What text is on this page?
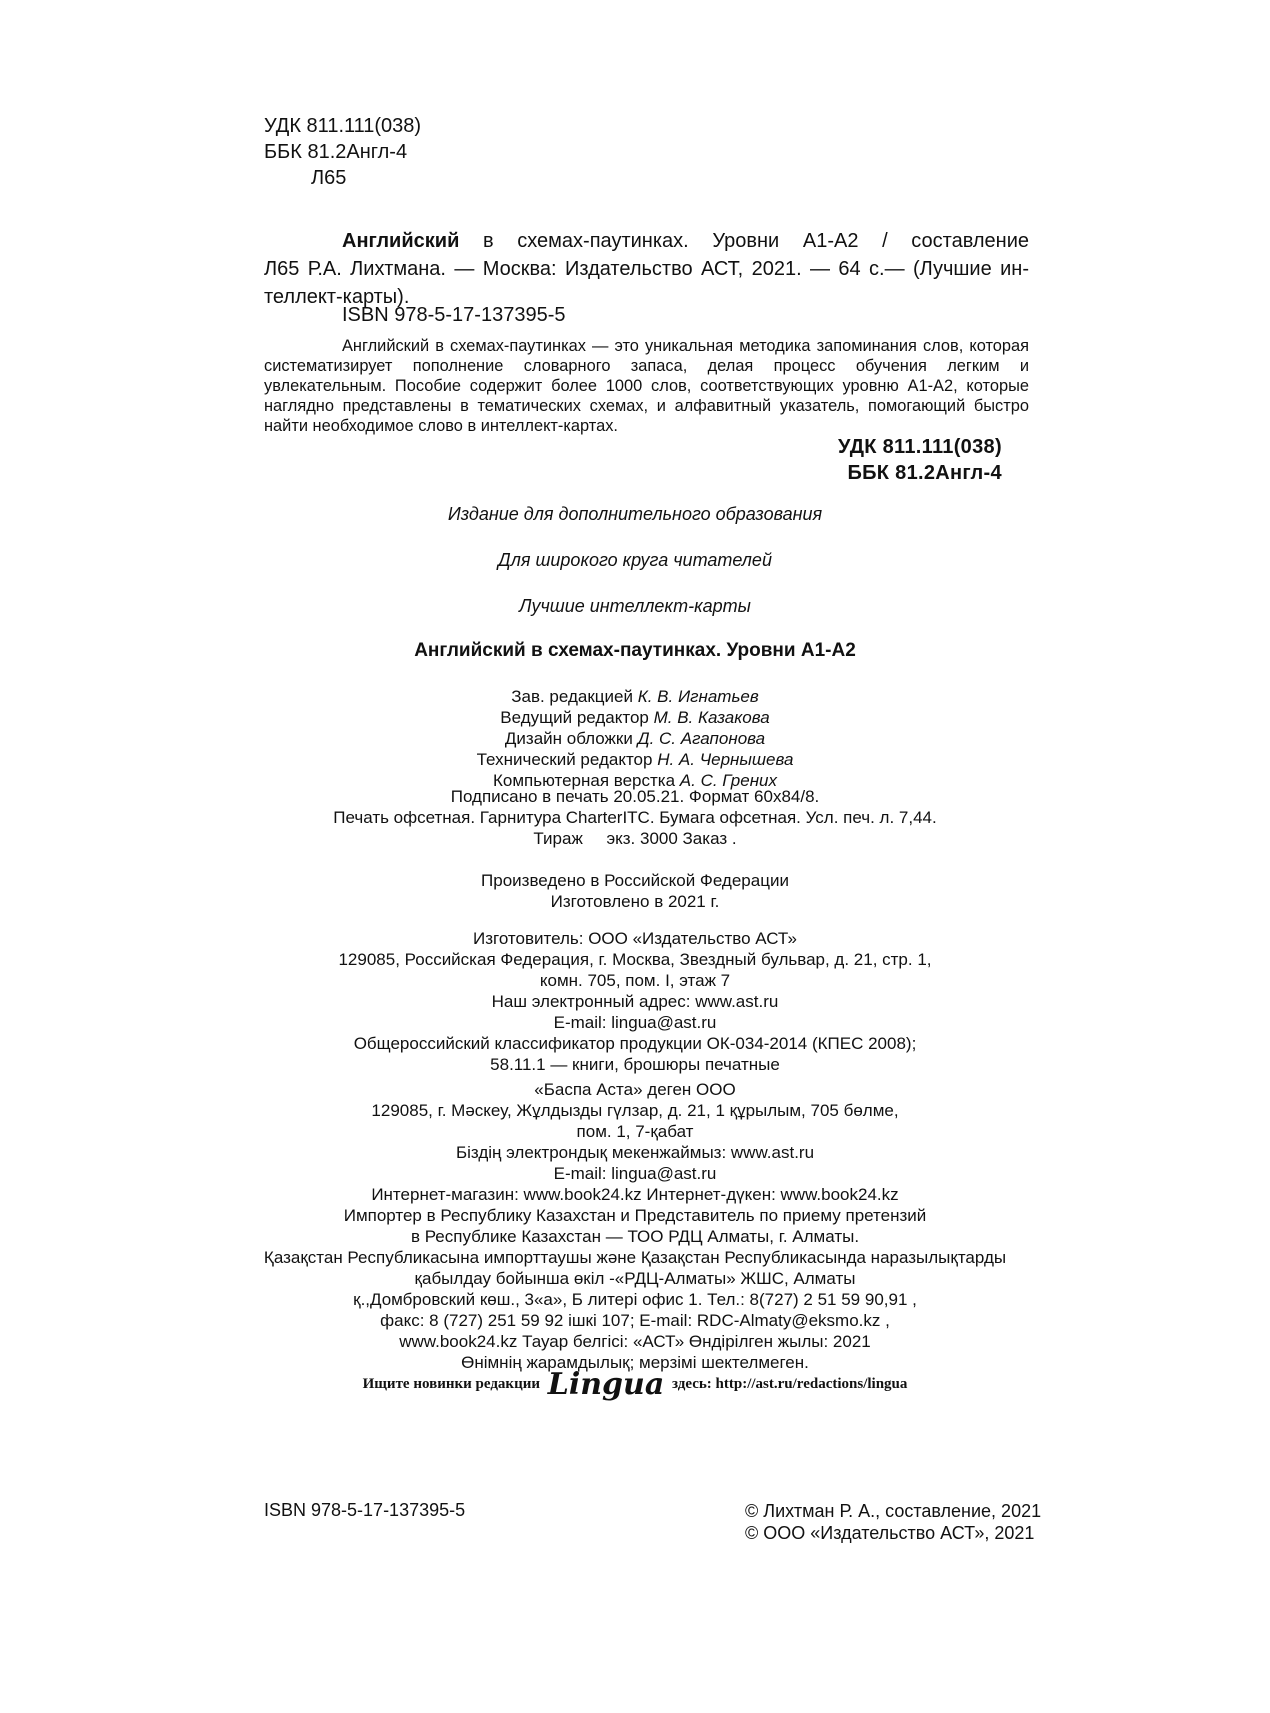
УДК 811.111(038)
ББК 81.2Англ-4
Л65

Английский в схемах-паутинках. Уровни А1-А2 / составление

Л65 Р.А. Лихтмана. — Москва: Издательство АСТ, 2021. — 64 с.— (Лучшие ин-

теллект-карты).

ISBN 978-5-17-137395-5

Английский в схемах-паутинках — это уникальная методика запоминания слов, которая систематизирует пополнение словарного запаса, делая процесс обучения легким и увлекательным. Пособие содержит более 1000 слов, соответствующих уровню А1-А2, которые наглядно представлены в тематических схемах, и алфавитный указатель, помогающий быстро найти необходимое слово в интеллект-картах.

УДК 811.111(038)
ББК 81.2Англ-4
Издание для дополнительного образования
Для широкого круга читателей
Лучшие интеллект-карты
Английский в схемах-паутинках. Уровни А1-А2
Зав. редакцией К. В. Игнатьев
Ведущий редактор М. В. Казакова
Дизайн обложки Д. С. Агапонова
Технический редактор Н. А. Чернышева
Компьютерная верстка А. С. Грених
Подписано в печать 20.05.21. Формат 60x84/8.
Печать офсетная. Гарнитура CharterITC. Бумага офсетная. Усл. печ. л. 7,44.
Тираж     экз. 3000 Заказ .
Произведено в Российской Федерации
Изготовлено в 2021 г.
Изготовитель: ООО «Издательство АСТ»
129085, Российская Федерация, г. Москва, Звездный бульвар, д. 21, стр. 1,
комн. 705, пом. I, этаж 7
Наш электронный адрес: www.ast.ru
E-mail: lingua@ast.ru
Общероссийский классификатор продукции ОК-034-2014 (КПЕС 2008);
58.11.1 — книги, брошюры печатные
«Баспа Аста» деген ООО
129085, г. Мәскеу, Жұлдызды гүлзар, д. 21, 1 құрылым, 705 бөлме,
пом. 1, 7-қабат
Біздің электрондық мекенжаймыз: www.ast.ru
E-mail: lingua@ast.ru
Интернет-магазин: www.book24.kz Интернет-дүкен: www.book24.kz
Импортер в Республику Казахстан и Представитель по приему претензий
в Республике Казахстан — ТОО РДЦ Алматы, г. Алматы.
Қазақстан Республикасына импорттаушы және Қазақстан Республикасында наразылықтарды
қабылдау бойынша өкіл -«РДЦ-Алматы» ЖШС, Алматы
қ.,Домбровский көш., 3«а», Б литері офис 1. Тел.: 8(727) 2 51 59 90,91 ,
факс: 8 (727) 251 59 92 ішкі 107; E-mail: RDC-Almaty@eksmo.kz ,
www.book24.kz Тауар белгісі: «АСТ» Өндірілген жылы: 2021
Өнімнің жарамдылық; мерзімі шектелмеген.
Ищите новинки редакции Lingua здесь: http://ast.ru/redactions/lingua
ISBN 978-5-17-137395-5	© Лихтман Р. А., составление, 2021
© ООО «Издательство АСТ», 2021
